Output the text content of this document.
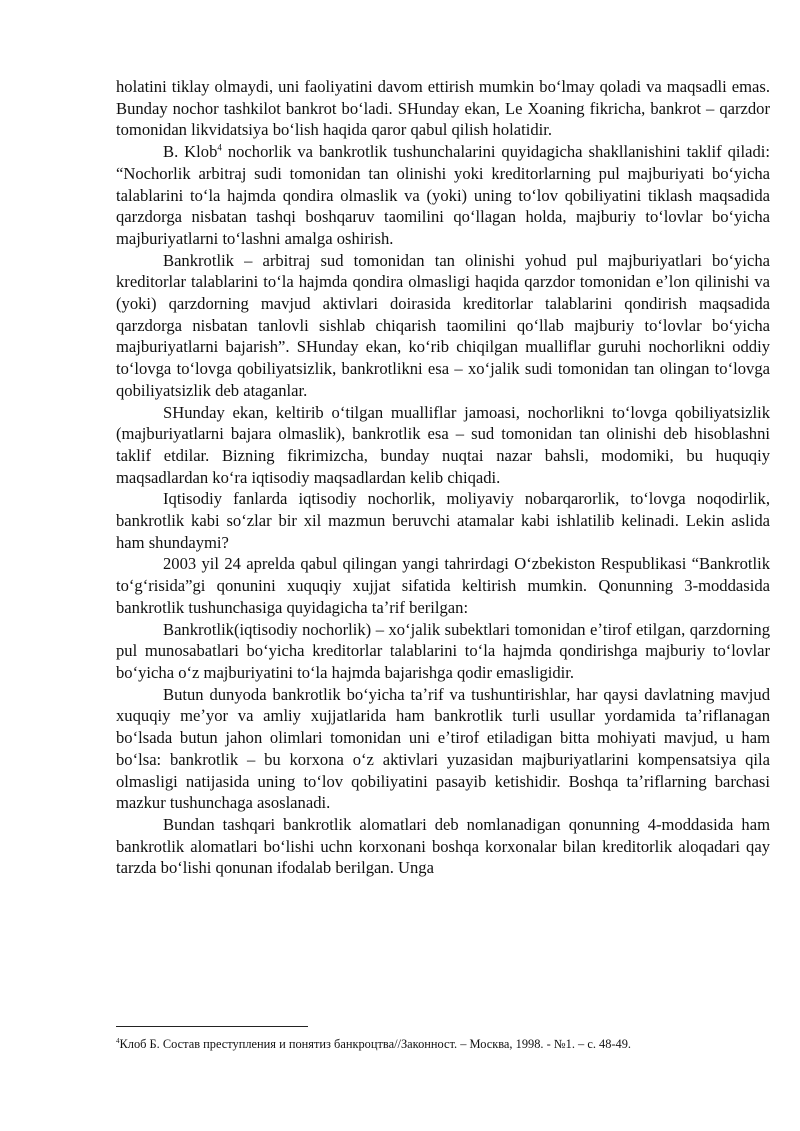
holatini tiklay olmaydi, uni faoliyatini davom ettirish mumkin boʻlmay qoladi va maqsadli emas. Bunday nochor tashkilot bankrot boʻladi. SHunday ekan, Le Xoaning fikricha, bankrot – qarzdor tomonidan likvidatsiya boʻlish haqida qaror qabul qilish holatidir.

B. Klob$^4$ nochorlik va bankrotlik tushunchalarini quyidagicha shakllanishini taklif qiladi: “Nochorlik arbitraj sudi tomonidan tan olinishi yoki kreditorlarning pul majburiyati boʻyicha talablarini toʻla hajmda qondira olmaslik va (yoki) uning toʻlov qobiliyatini tiklash maqsadida qarzdorga nisbatan tashqi boshqaruv taomilini qoʻllagan holda, majburiy toʻlovlar boʻyicha majburiyatlarni toʻlashni amalga oshirish.

Bankrotlik – arbitraj sud tomonidan tan olinishi yohud pul majburiyatlari boʻyicha kreditorlar talablarini toʻla hajmda qondira olmasligi haqida qarzdor tomonidan eʼlon qilinishi va (yoki) qarzdorning mavjud aktivlari doirasida kreditorlar talablarini qondirish maqsadida qarzdorga nisbatan tanlovli sishlab chiqarish taomilini qoʻllab majburiy toʻlovlar boʻyicha majburiyatlarni bajarish”. SHunday ekan, koʻrib chiqilgan mualliflar guruhi nochorlikni oddiy toʻlovga toʻlovga qobiliyatsizlik, bankrotlikni esa – xoʻjalik sudi tomonidan tan olingan toʻlovga qobiliyatsizlik deb ataganlar.

SHunday ekan, keltirib oʻtilgan mualliflar jamoasi, nochorlikni toʻlovga qobiliyatsizlik (majburiyatlarni bajara olmaslik), bankrotlik esa – sud tomonidan tan olinishi deb hisoblashni taklif etdilar. Bizning fikrimizcha, bunday nuqtai nazar bahsli, modomiki, bu huquqiy maqsadlardan koʻra iqtisodiy maqsadlardan kelib chiqadi.

Iqtisodiy fanlarda iqtisodiy nochorlik, moliyaviy nobarqarorlik, toʻlovga noqodirlik, bankrotlik kabi soʻzlar bir xil mazmun beruvchi atamalar kabi ishlatilib kelinadi. Lekin aslida ham shundaymi?

2003 yil 24 aprelda qabul qilingan yangi tahrirdagi Oʻzbekiston Respublikasi “Bankrotlik toʻgʻrisida”gi qonunini xuquqiy xujjat sifatida keltirish mumkin. Qonunning 3-moddasida bankrotlik tushunchasiga quyidagicha taʼrif berilgan:

Bankrotlik(iqtisodiy nochorlik) – xoʻjalik subektlari tomonidan eʼtirof etilgan, qarzdorning pul munosabatlari boʻyicha kreditorlar talablarini toʻla hajmda qondirishga majburiy toʻlovlar boʻyicha oʻz majburiyatini toʻla hajmda bajarishga qodir emasligidir.

Butun dunyoda bankrotlik boʻyicha taʼrif va tushuntirishlar, har qaysi davlatning mavjud xuquqiy meʼyor va amliy xujjatlarida ham bankrotlik turli usullar yordamida taʼriflanagan boʻlsada butun jahon olimlari tomonidan uni eʼtirof etiladigan bitta mohiyati mavjud, u ham boʻlsa: bankrotlik – bu korxona oʻz aktivlari yuzasidan majburiyatlarini kompensatsiya qila olmasligi natijasida uning toʻlov qobiliyatini pasayib ketishidir. Boshqa taʼriflarning barchasi mazkur tushunchaga asoslanadi.

Bundan tashqari bankrotlik alomatlari deb nomlanadigan qonunning 4-moddasida ham bankrotlik alomatlari boʻlishi uchn korxonani boshqa korxonalar bilan kreditorlik aloqadari qay tarzda boʻlishi qonunan ifodalab berilgan. Unga

$^4$Клоб Б. Состав преступления и понятиз банкроцтва//Законност. – Москва, 1998. - №1. – с. 48-49.
